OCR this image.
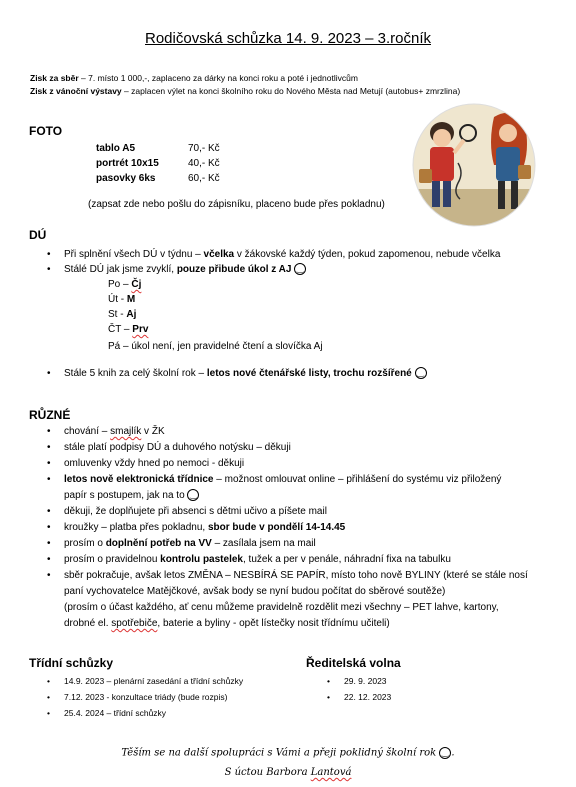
Rodičovská schůzka 14. 9. 2023 – 3.ročník
Zisk za sběr – 7. místo 1 000,-, zaplaceno za dárky na konci roku a poté i jednotlivcům
Zisk z vánoční výstavy – zaplacen výlet na konci školního roku do Nového Města nad Metují (autobus+ zmrzlina)
FOTO
tablo A5
portrét 10x15
pasovky 6ks
70,- Kč
40,- Kč
60,- Kč
(zapsat zde nebo pošlu do zápisníku, placeno bude přes pokladnu)
DÚ
• Při splnění všech DÚ v týdnu – včelka v žákovské každý týden, pokud zapomenou, nebude včelka
• Stálé DÚ jak jsme zvyklí, pouze přibude úkol z AJ ‿
Po – Čj
Út - M
St - Aj
ČT – Prv
Pá – úkol není, jen pravidelné čtení a slovíčka Aj
• Stále 5 knih za celý školní rok – letos nové čtenářské listy, trochu rozšířené ‿
RŮZNÉ
• chování – smajlík v ŽK
• stále platí podpisy DÚ a duhového notýsku – děkuji
• omluvenky vždy hned po nemoci - děkuji
• letos nově elektronická třídnice – možnost omlouvat online – přihlášení do systému viz přiložený
papír s postupem, jak na to ‿
• děkuji, že doplňujete při absenci s dětmi učivo a píšete mail
• kroužky – platba přes pokladnu, sbor bude v pondělí 14-14.45
• prosím o doplnění potřeb na VV – zasílala jsem na mail
• prosím o pravidelnou kontrolu pastelek, tužek a per v penále, náhradní fixa na tabulku
• sběr pokračuje, avšak letos ZMĚNA – NESBÍRÁ SE PAPÍR, místo toho nově BYLINY (které se stále nosí
paní vychovatelce Matějčkové, avšak body se nyní budou počítat do sběrové soutěže)
(prosím o účast každého, ať cenu můžeme pravidelně rozdělit mezi všechny – PET lahve, kartony,
drobné el. spotřebiče, baterie a byliny - opět lístečky nosit třídnímu učiteli)
Třídní schůzky
• 14.9. 2023 – plenární zasedání a třídní schůzky
• 7.12. 2023 - konzultace triády (bude rozpis)
• 25.4. 2024 – třídní schůzky
Ředitelská volna
• 29. 9. 2023
• 22. 12. 2023
Těším se na další spolupráci s Vámi a přeji poklidný školní rok ‿ .
S úctou Barbora Lantová
